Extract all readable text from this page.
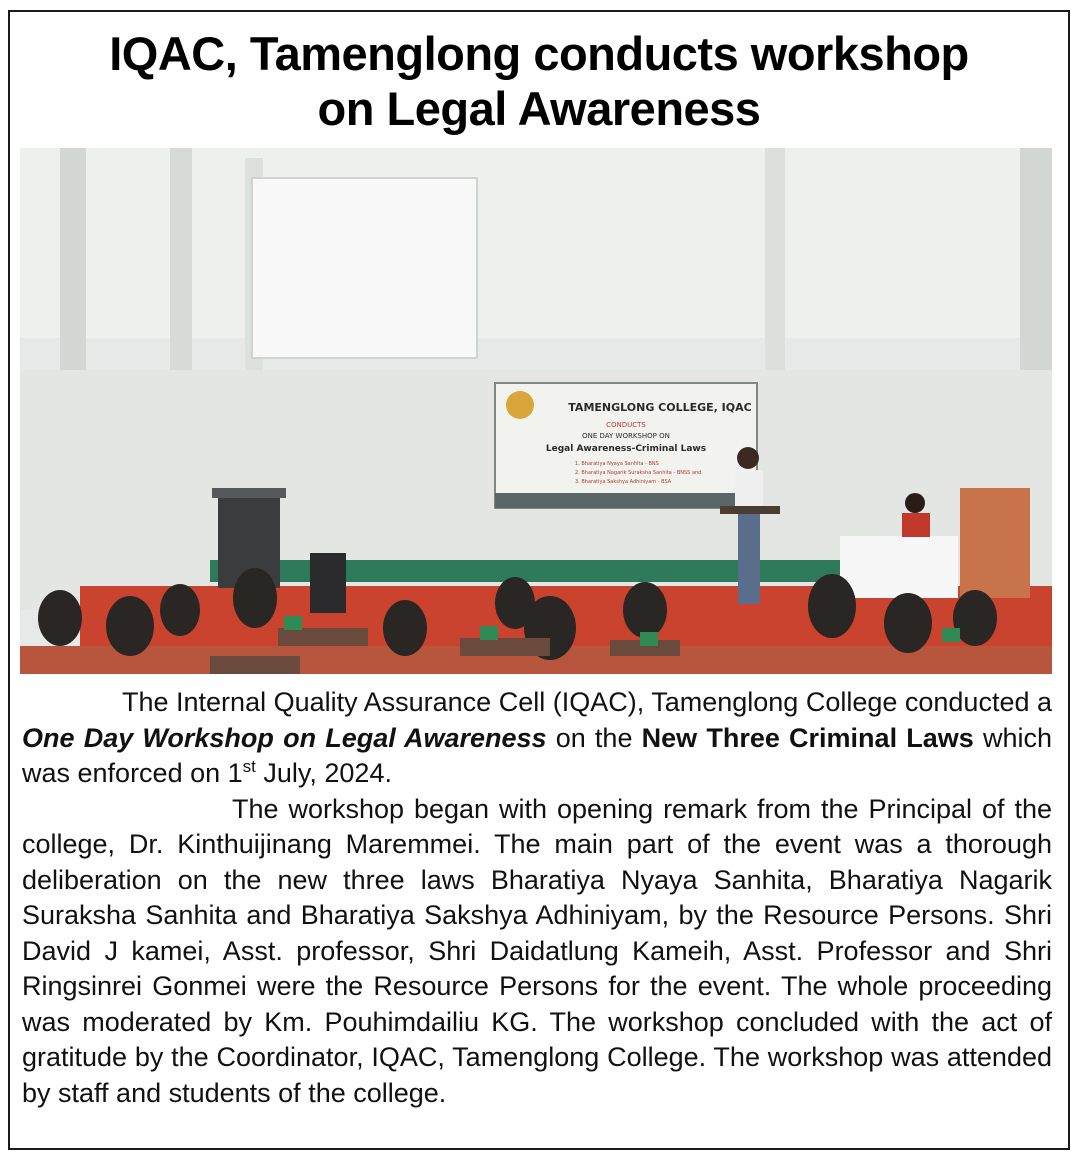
IQAC, Tamenglong conducts workshop
on Legal Awareness
TAMENGLONG COLLEGE, IQAC
CONDUCTS
ONE DAY WORKSHOP ON
Legal Awareness-Criminal Laws
1. Bharatiya Nyaya Sanhita - BNS
2. Bharatiya Nagarik Suraksha Sanhita - BNSS and
3. Bharatiya Sakshya Adhiniyam - BSA

The Internal Quality Assurance Cell (IQAC), Tamenglong College conducted a One Day Workshop on Legal Awareness on the New Three Criminal Laws which was enforced on 1st July, 2024.

The workshop began with opening remark from the Principal of the college, Dr. Kinthuijinang Maremmei. The main part of the event was a thorough deliberation on the new three laws Bharatiya Nyaya Sanhita, Bharatiya Nagarik Suraksha Sanhita and Bharatiya Sakshya Adhiniyam, by the Resource Persons. Shri David J kamei, Asst. professor, Shri Daidatlung Kameih, Asst. Professor and Shri Ringsinrei Gonmei were the Resource Persons for the event. The whole proceeding was moderated by Km. Pouhimdailiu KG. The workshop concluded with the act of gratitude by the Coordinator, IQAC, Tamenglong College. The workshop was attended by staff and students of the college.
